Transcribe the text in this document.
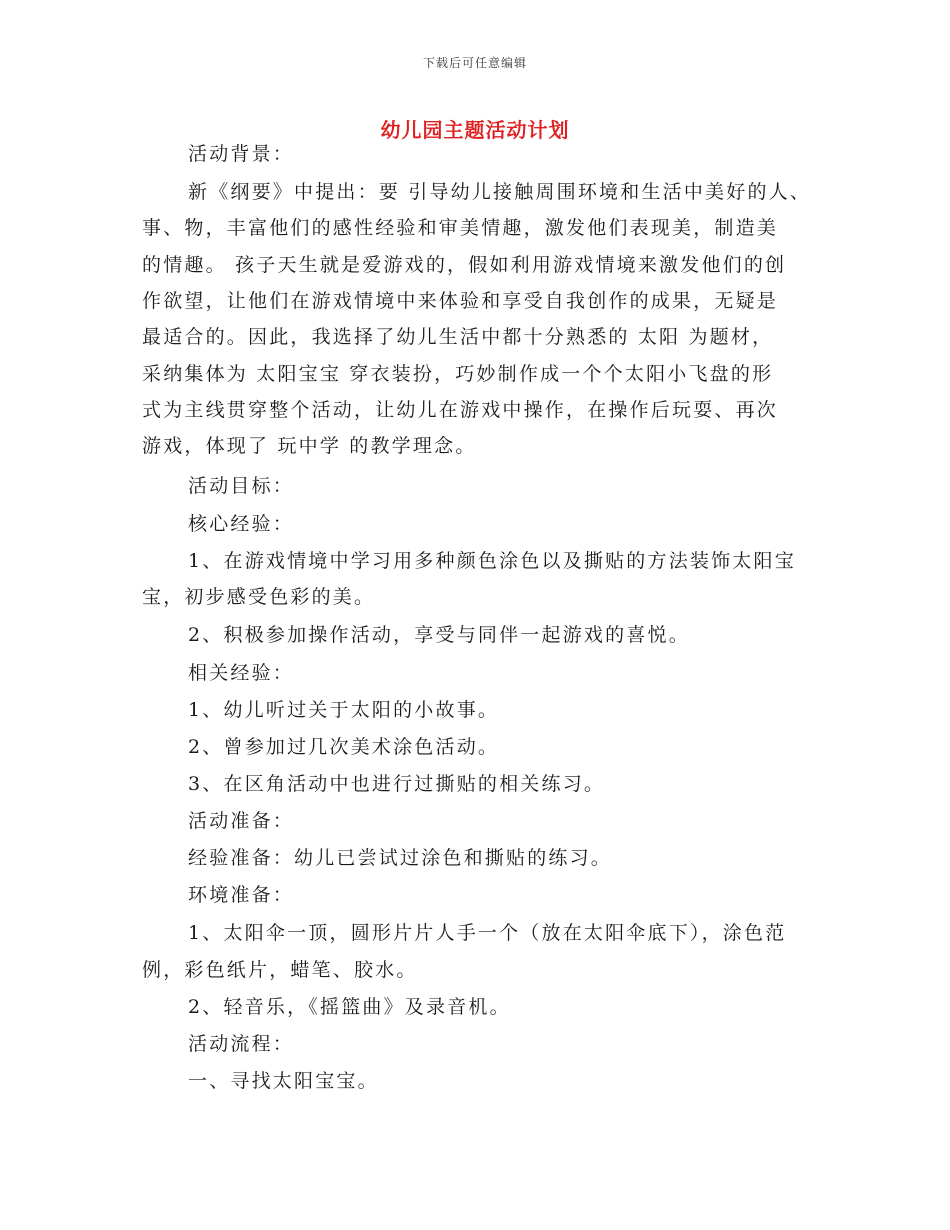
下载后可任意编辑
幼儿园主题活动计划
活动背景：
新《纲要》中提出：要 引导幼儿接触周围环境和生活中美好的人、
事、物，丰富他们的感性经验和审美情趣，激发他们表现美，制造美
的情趣。 孩子天生就是爱游戏的，假如利用游戏情境来激发他们的创
作欲望，让他们在游戏情境中来体验和享受自我创作的成果，无疑是
最适合的。因此，我选择了幼儿生活中都十分熟悉的 太阳 为题材，
采纳集体为 太阳宝宝 穿衣装扮，巧妙制作成一个个太阳小飞盘的形
式为主线贯穿整个活动，让幼儿在游戏中操作，在操作后玩耍、再次
游戏，体现了 玩中学 的教学理念。
活动目标：
核心经验：
1、在游戏情境中学习用多种颜色涂色以及撕贴的方法装饰太阳宝
宝，初步感受色彩的美。
2、积极参加操作活动，享受与同伴一起游戏的喜悦。
相关经验：
1、幼儿听过关于太阳的小故事。
2、曾参加过几次美术涂色活动。
3、在区角活动中也进行过撕贴的相关练习。
活动准备：
经验准备：幼儿已尝试过涂色和撕贴的练习。
环境准备：
1、太阳伞一顶，圆形片片人手一个（放在太阳伞底下），涂色范
例，彩色纸片，蜡笔、胶水。
2、轻音乐，《摇篮曲》及录音机。
活动流程：
一、寻找太阳宝宝。
